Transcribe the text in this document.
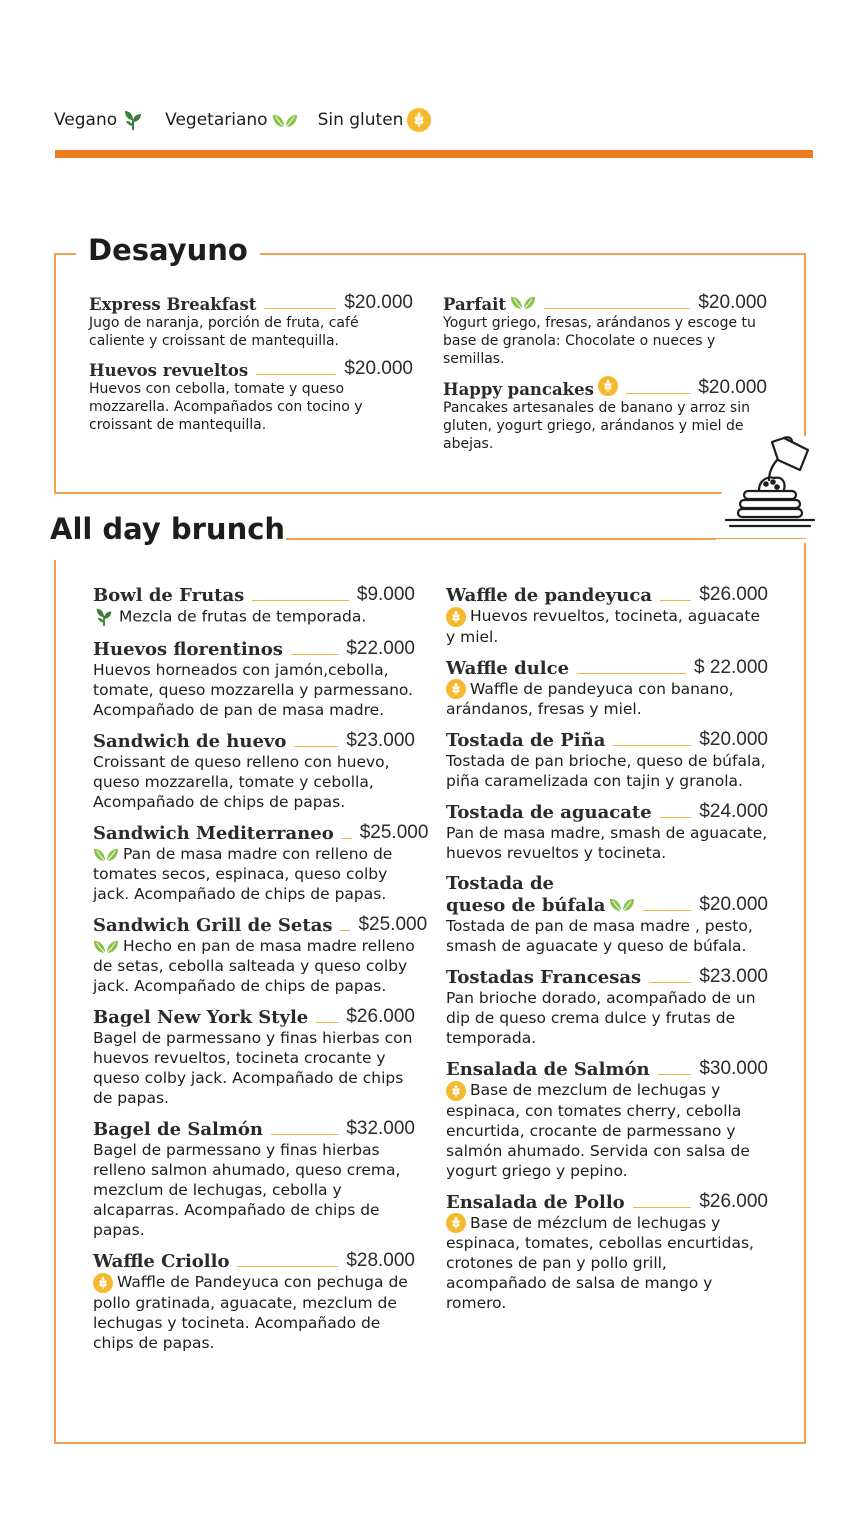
Vegano	Vegetariano	Sin gluten
Desayuno
Express Breakfast	$20.000
Jugo de naranja, porción de fruta, café caliente y croissant de mantequilla.
Huevos revueltos	$20.000
Huevos con cebolla, tomate y queso mozzarella. Acompañados con tocino y croissant de mantequilla.
Parfait	$20.000
Yogurt griego, fresas, arándanos y escoge tu base de granola: Chocolate o nueces y semillas.
Happy pancakes	$20.000
Pancakes artesanales de banano y arroz sin gluten, yogurt griego, arándanos y miel de abejas.
All day brunch
Bowl de Frutas	$9.000
Mezcla de frutas de temporada.
Huevos florentinos	$22.000
Huevos horneados con jamón,cebolla, tomate, queso mozzarella y parmessano. Acompañado de pan de masa madre.
Sandwich de huevo	$23.000
Croissant de queso relleno con huevo, queso mozzarella, tomate y cebolla, Acompañado de chips de papas.
Sandwich Mediterraneo $25.000
Pan de masa madre con relleno de tomates secos, espinaca, queso colby jack. Acompañado de chips de papas.
Sandwich Grill de Setas $25.000
Hecho en pan de masa madre relleno de setas, cebolla salteada y queso colby jack. Acompañado de chips de papas.
Bagel New York Style $26.000
Bagel de parmessano y finas hierbas con huevos revueltos, tocineta crocante y queso colby jack. Acompañado de chips de papas.
Bagel de Salmón	$32.000
Bagel de parmessano y finas hierbas relleno salmon ahumado, queso crema, mezclum de lechugas, cebolla y alcaparras. Acompañado de chips de papas.
Waffle Criollo	$28.000
Waffle de Pandeyuca con pechuga de pollo gratinada, aguacate, mezclum de lechugas y tocineta. Acompañado de chips de papas.
Waffle de pandeyuca $26.000
Huevos revueltos, tocineta, aguacate y miel.
Waffle dulce	$ 22.000
Waffle de pandeyuca con banano, arándanos, fresas y miel.
Tostada de Piña	$20.000
Tostada de pan brioche, queso de búfala, piña caramelizada con tajin y granola.
Tostada de aguacate	$24.000
Pan de masa madre, smash de aguacate, huevos revueltos y tocineta.
Tostada de
queso de búfala	$20.000
Tostada de pan de masa madre , pesto, smash de aguacate y queso de búfala.
Tostadas Francesas	$23.000
Pan brioche dorado, acompañado de un dip de queso crema dulce y frutas de temporada.
Ensalada de Salmón	$30.000
Base de mezclum de lechugas y espinaca, con tomates cherry, cebolla encurtida, crocante de parmessano y salmón ahumado. Servida con salsa de yogurt griego y pepino.
Ensalada de Pollo	$26.000
Base de mézclum de lechugas y espinaca, tomates, cebollas encurtidas, crotones de pan y pollo grill, acompañado de salsa de mango y romero.
